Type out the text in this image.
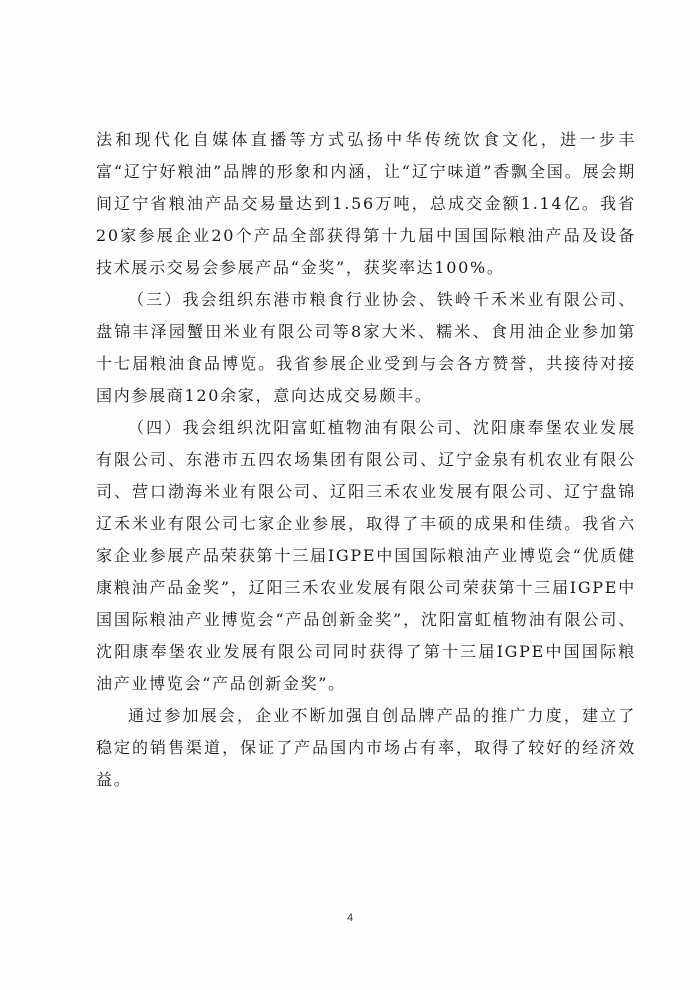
法和现代化自媒体直播等方式弘扬中华传统饮食文化，进一步丰富“辽宁好粮油”品牌的形象和内涵，让“辽宁味道”香飘全国。展会期间辽宁省粮油产品交易量达到1.56万吨，总成交金额1.14亿。我省20家参展企业20个产品全部获得第十九届中国国际粮油产品及设备技术展示交易会参展产品“金奖”，获奖率达100%。

（三）我会组织东港市粮食行业协会、铁岭千禾米业有限公司、盘锦丰泽园蟹田米业有限公司等8家大米、糯米、食用油企业参加第十七届粮油食品博览。我省参展企业受到与会各方赞誉，共接待对接国内参展商120余家，意向达成交易颇丰。

（四）我会组织沈阳富虹植物油有限公司、沈阳康奉堡农业发展有限公司、东港市五四农场集团有限公司、辽宁金泉有机农业有限公司、营口渤海米业有限公司、辽阳三禾农业发展有限公司、辽宁盘锦辽禾米业有限公司七家企业参展，取得了丰硕的成果和佳绩。我省六家企业参展产品荣获第十三届IGPE中国国际粮油产业博览会“优质健康粮油产品金奖”，辽阳三禾农业发展有限公司荣获第十三届IGPE中国国际粮油产业博览会“产品创新金奖”，沈阳富虹植物油有限公司、沈阳康奉堡农业发展有限公司同时获得了第十三届IGPE中国国际粮油产业博览会“产品创新金奖”。

通过参加展会，企业不断加强自创品牌产品的推广力度，建立了稳定的销售渠道，保证了产品国内市场占有率，取得了较好的经济效益。

4
